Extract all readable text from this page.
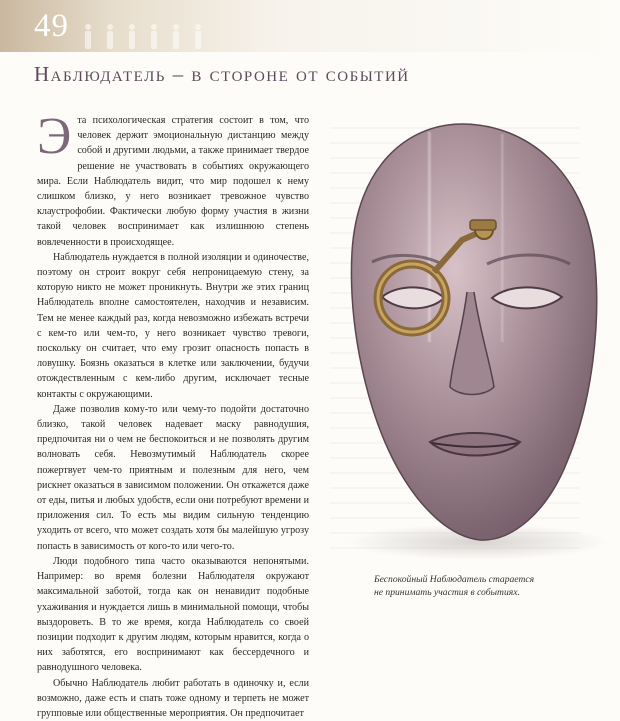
49
Наблюдатель – в стороне от событий

Эта психологическая стратегия состоит в том, что человек держит эмоциональную дистанцию между собой и другими людьми, а также принимает твердое решение не участвовать в событиях окружающего мира. Если Наблюдатель видит, что мир подошел к нему слишком близко, у него возникает тревожное чувство клаустрофобии. Фактически любую форму участия в жизни такой человек воспринимает как излишнюю степень вовлеченности в происходящее.

Наблюдатель нуждается в полной изоляции и одиночестве, поэтому он строит вокруг себя непроницаемую стену, за которую никто не может проникнуть. Внутри же этих границ Наблюдатель вполне самостоятелен, находчив и независим. Тем не менее каждый раз, когда невозможно избежать встречи с кем-то или чем-то, у него возникает чувство тревоги, поскольку он считает, что ему грозит опасность попасть в ловушку. Боязнь оказаться в клетке или заключении, будучи отождествленным с кем-либо другим, исключает тесные контакты с окружающими.

Даже позволив кому-то или чему-то подойти достаточно близко, такой человек надевает маску равнодушия, предпочитая ни о чем не беспокоиться и не позволять другим волновать себя. Невозмутимый Наблюдатель скорее пожертвует чем-то приятным и полезным для него, чем рискнет оказаться в зависимом положении. Он откажется даже от еды, питья и любых удобств, если они потребуют времени и приложения сил. То есть мы видим сильную тенденцию уходить от всего, что может создать хотя бы малейшую угрозу попасть в зависимость от кого-то или чего-то.

Люди подобного типа часто оказываются непонятыми. Например: во время болезни Наблюдателя окружают максимальной заботой, тогда как он ненавидит подобные ухаживания и нуждается лишь в минимальной помощи, чтобы выздороветь. В то же время, когда Наблюдатель со своей позиции подходит к другим людям, которым нравится, когда о них заботятся, его воспринимают как бессердечного и равнодушного человека.

Обычно Наблюдатель любит работать в одиночку и, если возможно, даже есть и спать тоже одному и терпеть не может групповые или общественные мероприятия. Он предпочитает

Беспокойный Наблюдатель старается
не принимать участия в событиях.
